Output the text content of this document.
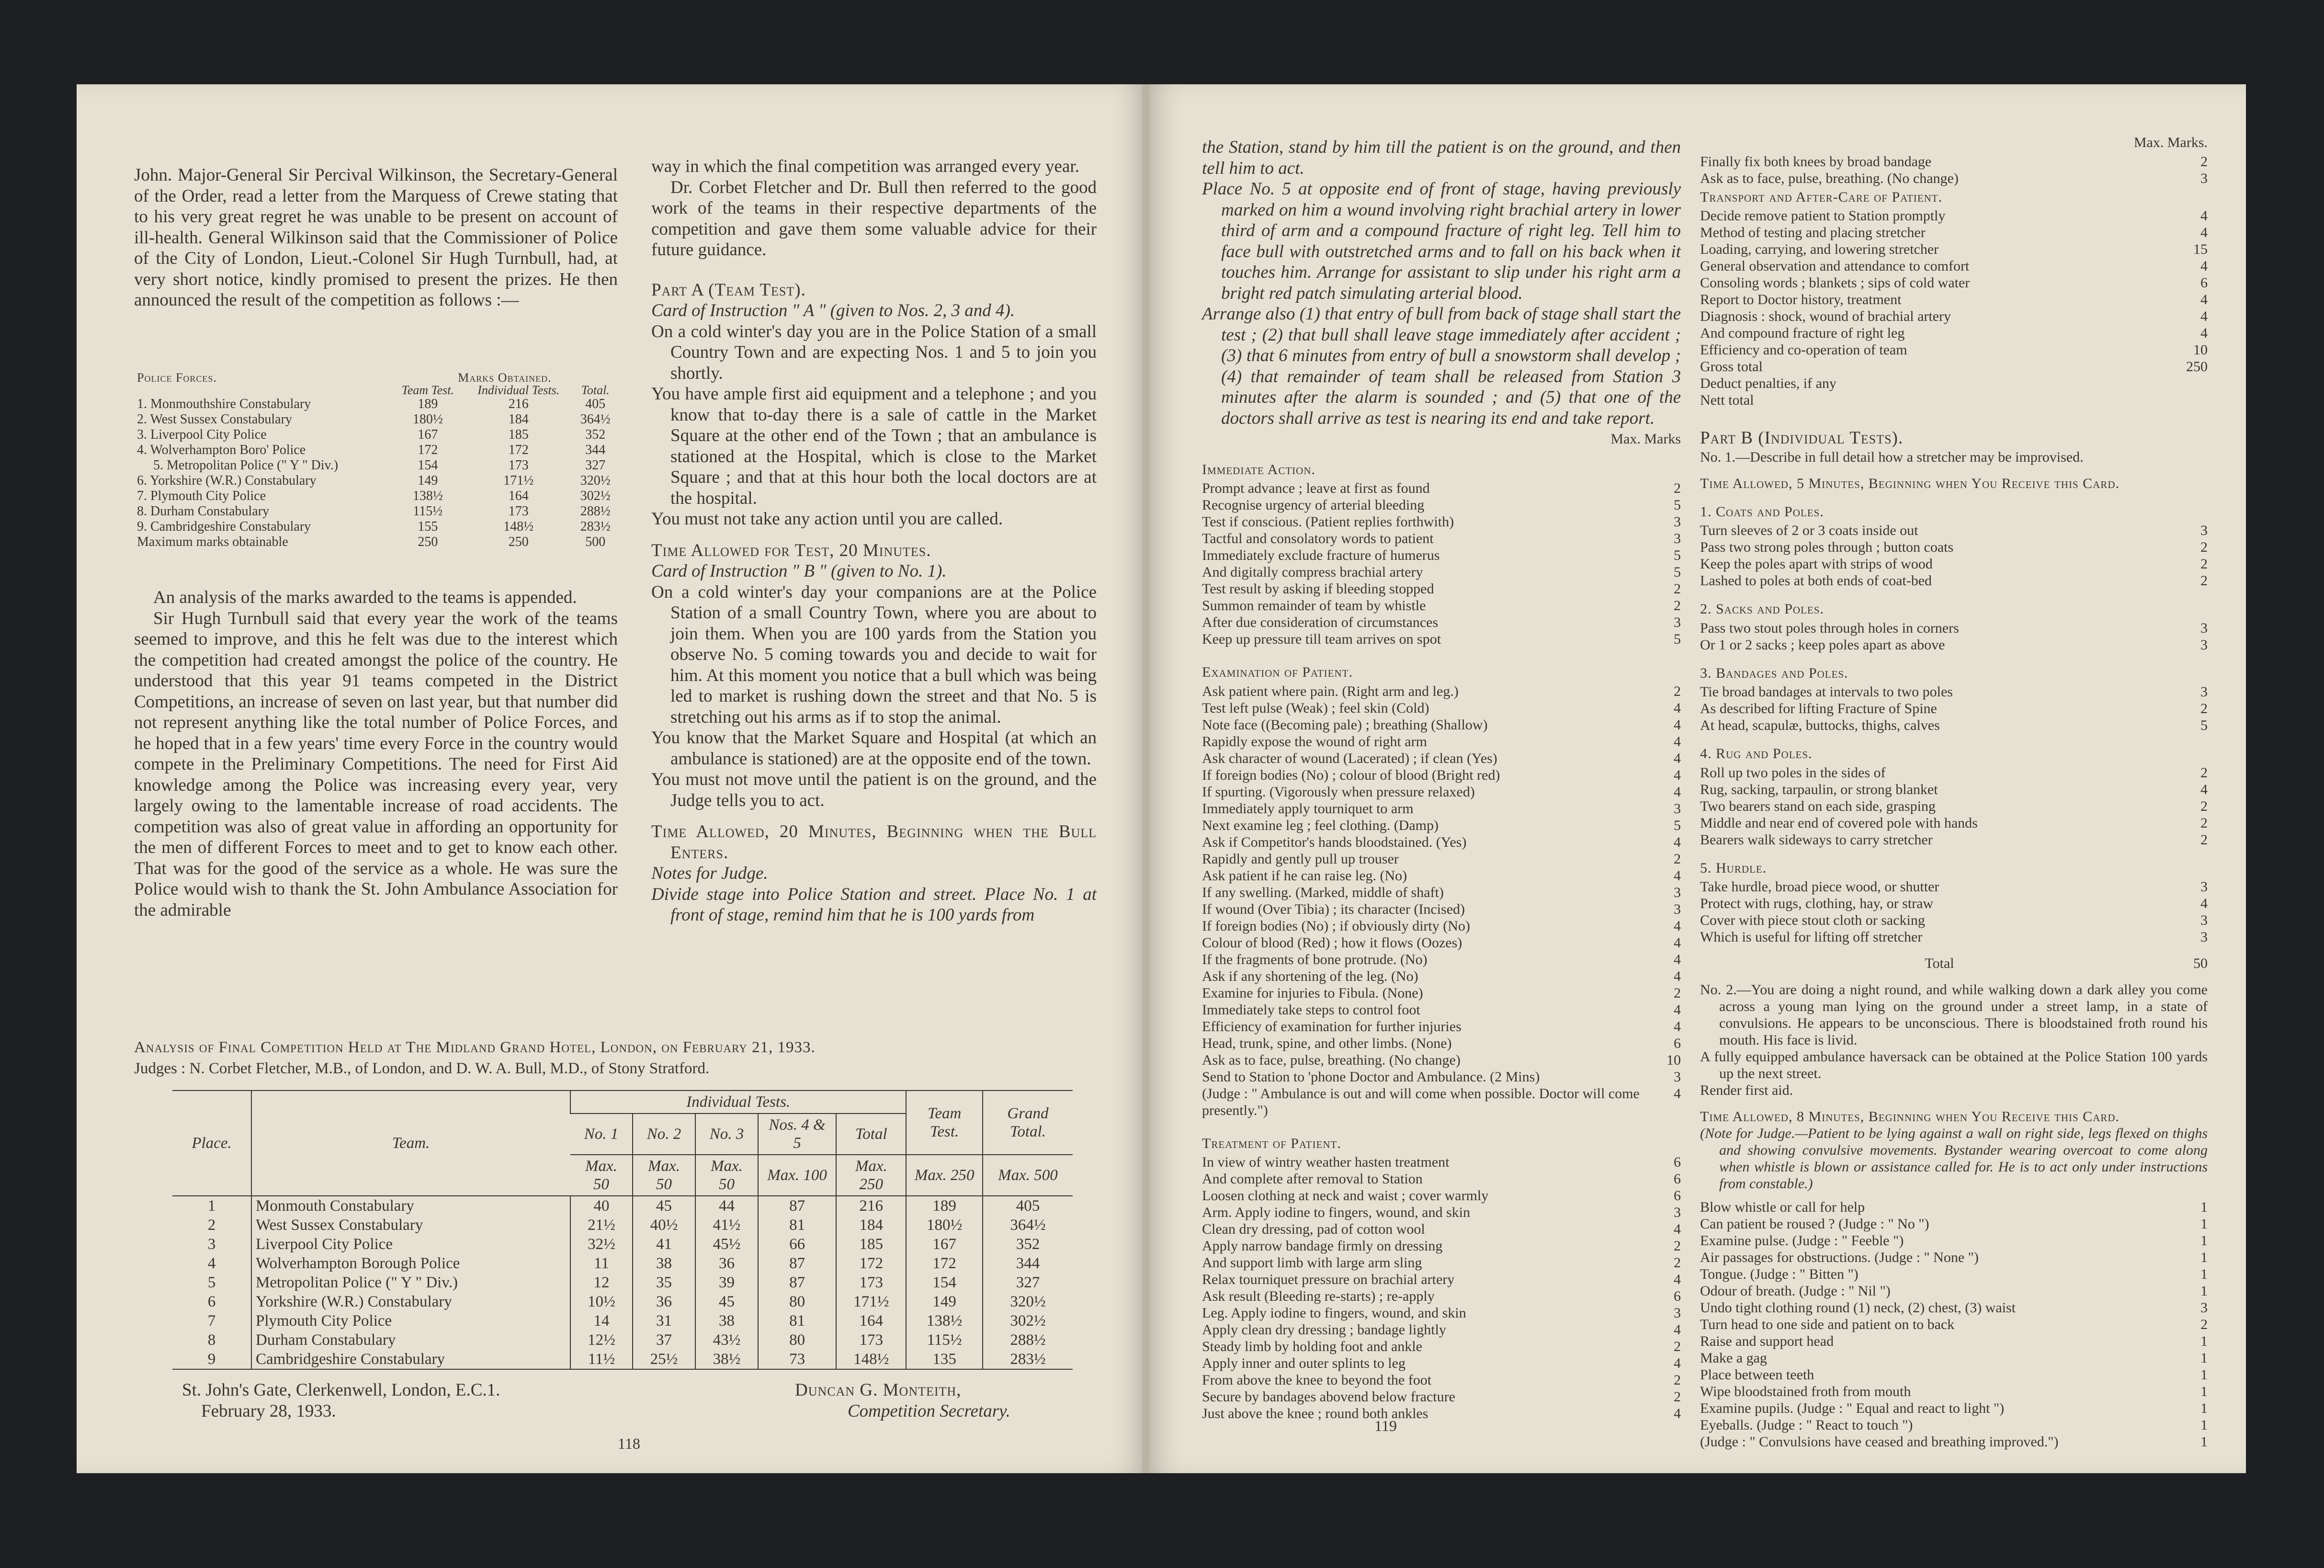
John. Major-General Sir Percival Wilkinson, the Secretary-General of the Order, read a letter from the Marquess of Crewe stating that to his very great regret he was unable to be present on account of ill-health. General Wilkinson said that the Commissioner of Police of the City of London, Lieut.-Colonel Sir Hugh Turnbull, had, at very short notice, kindly promised to present the prizes. He then announced the result of the competition as follows :—

Police Forces.	Marks Obtained.		
	Team Test.	Individual Tests.	Total.
1. Monmouthshire Constabulary	189	216	405
2. West Sussex Constabulary	180½	184	364½
3. Liverpool City Police	167	185	352
4. Wolverhampton Boro' Police	172	172	344
5. Metropolitan Police (" Y " Div.)	154	173	327
6. Yorkshire (W.R.) Constabulary	149	171½	320½
7. Plymouth City Police	138½	164	302½
8. Durham Constabulary	115½	173	288½
9. Cambridgeshire Constabulary	155	148½	283½
Maximum marks obtainable	250	250	500

An analysis of the marks awarded to the teams is appended.

Sir Hugh Turnbull said that every year the work of the teams seemed to improve, and this he felt was due to the interest which the competition had created amongst the police of the country. He understood that this year 91 teams competed in the District Competitions, an increase of seven on last year, but that number did not represent anything like the total number of Police Forces, and he hoped that in a few years' time every Force in the country would compete in the Preliminary Competitions. The need for First Aid knowledge among the Police was increasing every year, very largely owing to the lamentable increase of road accidents. The competition was also of great value in affording an opportunity for the men of different Forces to meet and to get to know each other. That was for the good of the service as a whole. He was sure the Police would wish to thank the St. John Ambulance Association for the admirable

way in which the final competition was arranged every year.

Dr. Corbet Fletcher and Dr. Bull then referred to the good work of the teams in their respective departments of the competition and gave them some valuable advice for their future guidance.

Part A (Team Test).

Card of Instruction " A " (given to Nos. 2, 3 and 4).

On a cold winter's day you are in the Police Station of a small Country Town and are expecting Nos. 1 and 5 to join you shortly.

You have ample first aid equipment and a telephone ; and you know that to-day there is a sale of cattle in the Market Square at the other end of the Town ; that an ambulance is stationed at the Hospital, which is close to the Market Square ; and that at this hour both the local doctors are at the hospital.

You must not take any action until you are called.

Time Allowed for Test, 20 Minutes.

Card of Instruction " B " (given to No. 1).

On a cold winter's day your companions are at the Police Station of a small Country Town, where you are about to join them. When you are 100 yards from the Station you observe No. 5 coming towards you and decide to wait for him. At this moment you notice that a bull which was being led to market is rushing down the street and that No. 5 is stretching out his arms as if to stop the animal.

You know that the Market Square and Hospital (at which an ambulance is stationed) are at the opposite end of the town.

You must not move until the patient is on the ground, and the Judge tells you to act.

Time Allowed, 20 Minutes, Beginning when the Bull Enters.

Notes for Judge.

Divide stage into Police Station and street. Place No. 1 at front of stage, remind him that he is 100 yards from

Analysis of Final Competition Held at The Midland Grand Hotel, London, on February 21, 1933.

Judges : N. Corbet Fletcher, M.B., of London, and D. W. A. Bull, M.D., of Stony Stratford.

Place.	Team.	Individual Tests.					Team Test.	Grand Total.
		No. 1	No. 2	No. 3	Nos. 4 & 5	Total		
		Max. 50	Max. 50	Max. 50	Max. 100	Max. 250	Max. 250	Max. 500
1	Monmouth Constabulary	40	45	44	87	216	189	405
2	West Sussex Constabulary	21½	40½	41½	81	184	180½	364½
3	Liverpool City Police	32½	41	45½	66	185	167	352
4	Wolverhampton Borough Police	11	38	36	87	172	172	344
5	Metropolitan Police (" Y " Div.)	12	35	39	87	173	154	327
6	Yorkshire (W.R.) Constabulary	10½	36	45	80	171½	149	320½
7	Plymouth City Police	14	31	38	81	164	138½	302½
8	Durham Constabulary	12½	37	43½	80	173	115½	288½
9	Cambridgeshire Constabulary	11½	25½	38½	73	148½	135	283½

St. John's Gate, Clerkenwell, London, E.C.1.

February 28, 1933.

Duncan G. Monteith,

Competition Secretary.

118

the Station, stand by him till the patient is on the ground, and then tell him to act.

Place No. 5 at opposite end of front of stage, having previously marked on him a wound involving right brachial artery in lower third of arm and a compound fracture of right leg. Tell him to face bull with outstretched arms and to fall on his back when it touches him. Arrange for assistant to slip under his right arm a bright red patch simulating arterial blood.

Arrange also (1) that entry of bull from back of stage shall start the test ; (2) that bull shall leave stage immediately after accident ; (3) that 6 minutes from entry of bull a snowstorm shall develop ; (4) that remainder of team shall be released from Station 3 minutes after the alarm is sounded ; and (5) that one of the doctors shall arrive as test is nearing its end and take report.

Max. Marks

Immediate Action.
Prompt advance ; leave at first as found	2
Recognise urgency of arterial bleeding	5
Test if conscious. (Patient replies forthwith)	3
Tactful and consolatory words to patient	3
Immediately exclude fracture of humerus	5
And digitally compress brachial artery	5
Test result by asking if bleeding stopped	2
Summon remainder of team by whistle	2
After due consideration of circumstances	3
Keep up pressure till team arrives on spot	5
Examination of Patient.
Ask patient where pain. (Right arm and leg.)	2
Test left pulse (Weak) ; feel skin (Cold)	4
Note face ((Becoming pale) ; breathing (Shallow)	4
Rapidly expose the wound of right arm	4
Ask character of wound (Lacerated) ; if clean (Yes)	4
If foreign bodies (No) ; colour of blood (Bright red)	4
If spurting. (Vigorously when pressure relaxed)	4
Immediately apply tourniquet to arm	3
Next examine leg ; feel clothing. (Damp)	5
Ask if Competitor's hands bloodstained. (Yes)	4
Rapidly and gently pull up trouser	2
Ask patient if he can raise leg. (No)	4
If any swelling. (Marked, middle of shaft)	3
If wound (Over Tibia) ; its character (Incised)	3
If foreign bodies (No) ; if obviously dirty (No)	4
Colour of blood (Red) ; how it flows (Oozes)	4
If the fragments of bone protrude. (No)	4
Ask if any shortening of the leg. (No)	4
Examine for injuries to Fibula. (None)	2
Immediately take steps to control foot	4
Efficiency of examination for further injuries	4
Head, trunk, spine, and other limbs. (None)	6
Ask as to face, pulse, breathing. (No change)	10
Send to Station to 'phone Doctor and Ambulance. (2 Mins)	3
(Judge : " Ambulance is out and will come when possible. Doctor will come presently.")
4
Treatment of Patient.
In view of wintry weather hasten treatment	6
And complete after removal to Station	6
Loosen clothing at neck and waist ; cover warmly	6
Arm. Apply iodine to fingers, wound, and skin	3
Clean dry dressing, pad of cotton wool	4
Apply narrow bandage firmly on dressing	2
And support limb with large arm sling	2
Relax tourniquet pressure on brachial artery	4
Ask result (Bleeding re-starts) ; re-apply	6
Leg. Apply iodine to fingers, wound, and skin	3
Apply clean dry dressing ; bandage lightly	4
Steady limb by holding foot and ankle	2
Apply inner and outer splints to leg	4
From above the knee to beyond the foot	2
Secure by bandages abovend below fracture	2
Just above the knee ; round both ankles	4
119

Max. Marks.

Finally fix both knees by broad bandage	2
Ask as to face, pulse, breathing. (No change)	3
Transport and After-Care of Patient.
Decide remove patient to Station promptly	4
Method of testing and placing stretcher	4
Loading, carrying, and lowering stretcher	15
General observation and attendance to comfort	4
Consoling words ; blankets ; sips of cold water	6
Report to Doctor history, treatment	4
Diagnosis : shock, wound of brachial artery	4
And compound fracture of right leg	4
Efficiency and co-operation of team	10
Gross total	250
Deduct penalties, if any
Nett total

Part B (Individual Tests).

No. 1.—Describe in full detail how a stretcher may be improvised.

Time Allowed, 5 Minutes, Beginning when You Receive this Card.

1. Coats and Poles.
Turn sleeves of 2 or 3 coats inside out	3
Pass two strong poles through ; button coats	2
Keep the poles apart with strips of wood	2
Lashed to poles at both ends of coat-bed	2
2. Sacks and Poles.
Pass two stout poles through holes in corners	3
Or 1 or 2 sacks ; keep poles apart as above	3
3. Bandages and Poles.
Tie broad bandages at intervals to two poles	3
As described for lifting Fracture of Spine	2
At head, scapulæ, buttocks, thighs, calves	5
4. Rug and Poles.
Roll up two poles in the sides of	2
Rug, sacking, tarpaulin, or strong blanket	4
Two bearers stand on each side, grasping	2
Middle and near end of covered pole with hands	2
Bearers walk sideways to carry stretcher	2
5. Hurdle.
Take hurdle, broad piece wood, or shutter	3
Protect with rugs, clothing, hay, or straw	4
Cover with piece stout cloth or sacking	3
Which is useful for lifting off stretcher	3
Total	50

No. 2.—You are doing a night round, and while walking down a dark alley you come across a young man lying on the ground under a street lamp, in a state of convulsions. He appears to be unconscious. There is bloodstained froth round his mouth. His face is livid.

A fully equipped ambulance haversack can be obtained at the Police Station 100 yards up the next street.

Render first aid.

Time Allowed, 8 Minutes, Beginning when You Receive this Card.

(Note for Judge.—Patient to be lying against a wall on right side, legs flexed on thighs and showing convulsive movements. Bystander wearing overcoat to come along when whistle is blown or assistance called for. He is to act only under instructions from constable.)

Blow whistle or call for help	1
Can patient be roused ? (Judge : " No ")	1
Examine pulse. (Judge : " Feeble ")	1
Air passages for obstructions. (Judge : " None ")	1
Tongue. (Judge : " Bitten ")	1
Odour of breath. (Judge : " Nil ")	1
Undo tight clothing round (1) neck, (2) chest, (3) waist	3
Turn head to one side and patient on to back	2
Raise and support head	1
Make a gag	1
Place between teeth	1
Wipe bloodstained froth from mouth	1
Examine pupils. (Judge : " Equal and react to light ")	1
Eyeballs. (Judge : " React to touch ")	1
(Judge : " Convulsions have ceased and breathing improved.")	1
